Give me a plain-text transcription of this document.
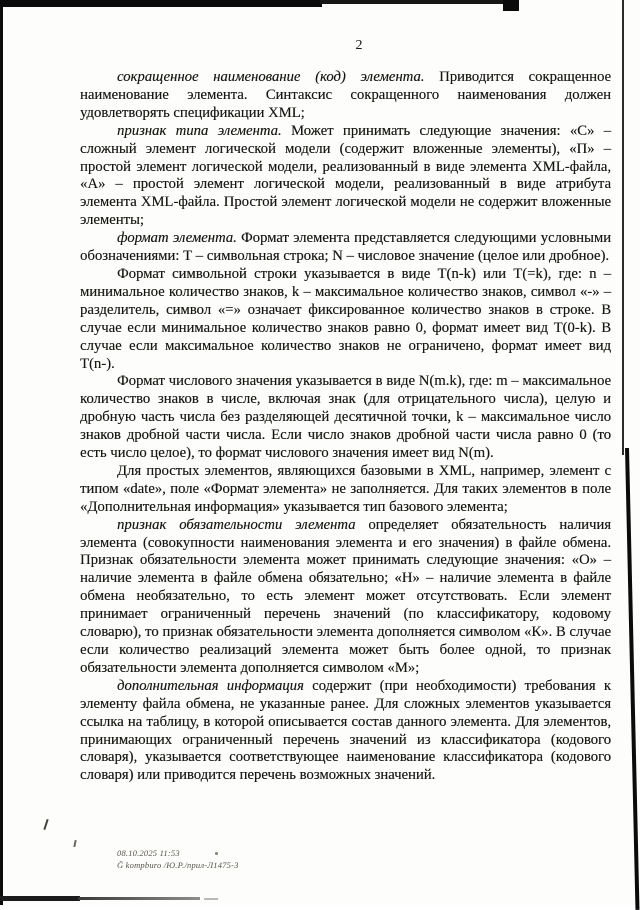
2

сокращенное наименование (код) элемента. Приводится сокращенное наименование элемента. Синтаксис сокращенного наименования должен удовлетворять спецификации XML;

признак типа элемента. Может принимать следующие значения: «С» – сложный элемент логической модели (содержит вложенные элементы), «П» – простой элемент логической модели, реализованный в виде элемента XML-файла, «А» – простой элемент логической модели, реализованный в виде атрибута элемента XML-файла. Простой элемент логической модели не содержит вложенные элементы;

формат элемента. Формат элемента представляется следующими условными обозначениями: Т – символьная строка; N – числовое значение (целое или дробное).

Формат символьной строки указывается в виде Т(n-k) или Т(=k), где: n – минимальное количество знаков, k – максимальное количество знаков, символ «-» – разделитель, символ «=» означает фиксированное количество знаков в строке. В случае если минимальное количество знаков равно 0, формат имеет вид Т(0-k). В случае если максимальное количество знаков не ограничено, формат имеет вид Т(n-).

Формат числового значения указывается в виде N(m.k), где: m – максимальное количество знаков в числе, включая знак (для отрицательного числа), целую и дробную часть числа без разделяющей десятичной точки, k – максимальное число знаков дробной части числа. Если число знаков дробной части числа равно 0 (то есть число целое), то формат числового значения имеет вид N(m).

Для простых элементов, являющихся базовыми в XML, например, элемент с типом «date», поле «Формат элемента» не заполняется. Для таких элементов в поле «Дополнительная информация» указывается тип базового элемента;

признак обязательности элемента определяет обязательность наличия элемента (совокупности наименования элемента и его значения) в файле обмена. Признак обязательности элемента может принимать следующие значения: «О» – наличие элемента в файле обмена обязательно; «Н» – наличие элемента в файле обмена необязательно, то есть элемент может отсутствовать. Если элемент принимает ограниченный перечень значений (по классификатору, кодовому словарю), то признак обязательности элемента дополняется символом «К». В случае если количество реализаций элемента может быть более одной, то признак обязательности элемента дополняется символом «М»;

дополнительная информация содержит (при необходимости) требования к элементу файла обмена, не указанные ранее. Для сложных элементов указывается ссылка на таблицу, в которой описывается состав данного элемента. Для элементов, принимающих ограниченный перечень значений из классификатора (кодового словаря), указывается соответствующее наименование классификатора (кодового словаря) или приводится перечень возможных значений.

08.10.2025 11:53
Ḡ kompburo /Ю.Р./прил-Л1475-3
